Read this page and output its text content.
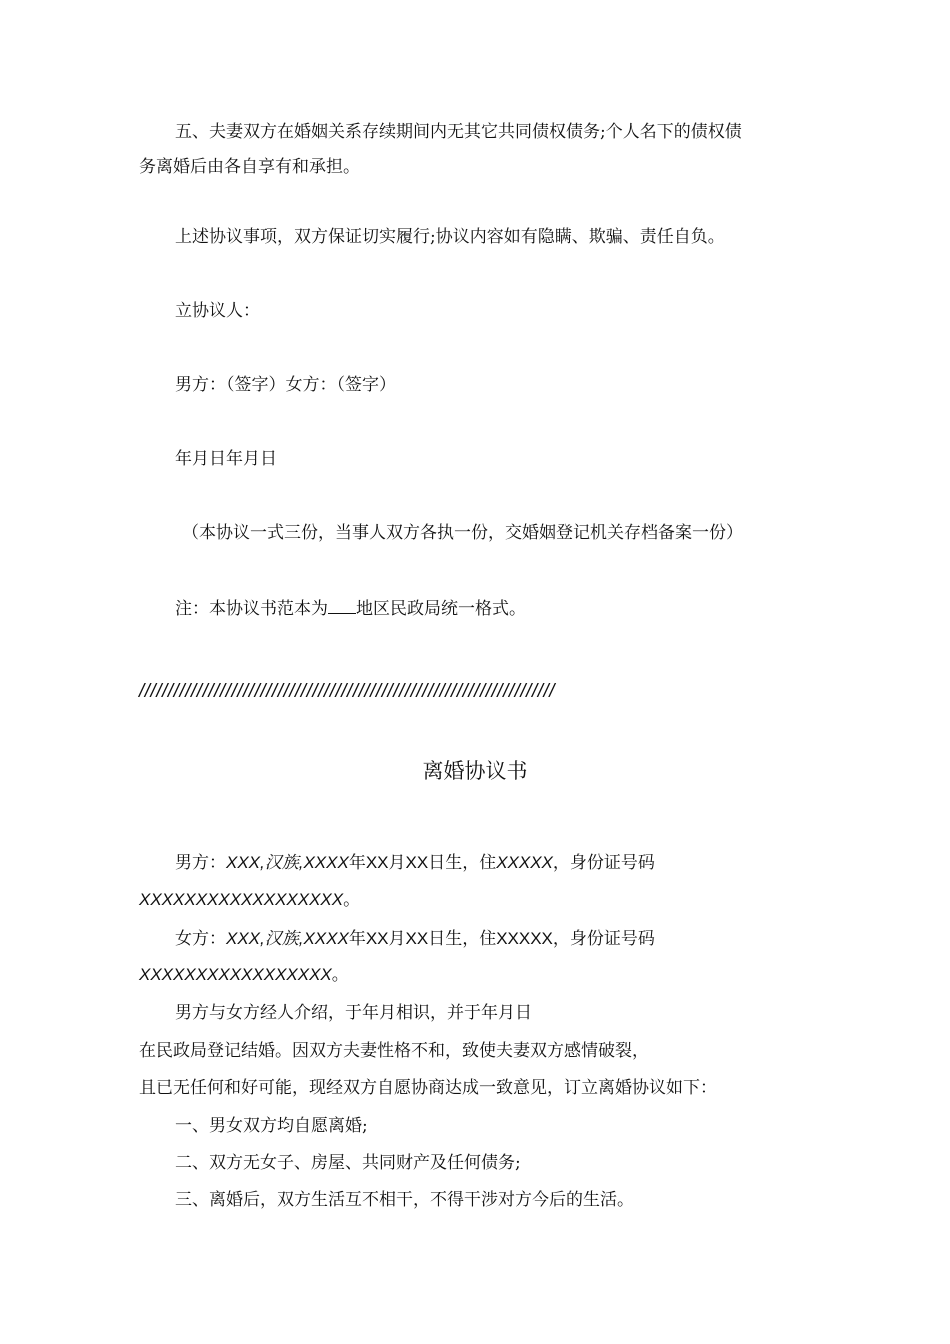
五、夫妻双方在婚姻关系存续期间内无其它共同债权债务;个人名下的债权债
务离婚后由各自享有和承担。
上述协议事项，双方保证切实履行;协议内容如有隐瞒、欺骗、责任自负。
立协议人：
男方：（签字）女方：（签字）
年月日年月日
（本协议一式三份，当事人双方各执一份，交婚姻登记机关存档备案一份）
注：本协议书范本为 地区民政局统一格式。
////////////////////////////////////////////////////////////////////////
离婚协议书
男方：XXX,汉族,XXXX年XX月XX日生，住XXXXX，身份证号码
XXXXXXXXXXXXXXXXXX。
女方：XXX,汉族,XXXX年XX月XX日生，住XXXXX，身份证号码
XXXXXXXXXXXXXXXXX。
男方与女方经人介绍，于年月相识，并于年月日
在民政局登记结婚。因双方夫妻性格不和，致使夫妻双方感情破裂，
且已无任何和好可能，现经双方自愿协商达成一致意见，订立离婚协议如下：
一、男女双方均自愿离婚;
二、双方无女子、房屋、共同财产及任何债务;
三、离婚后，双方生活互不相干，不得干涉对方今后的生活。
